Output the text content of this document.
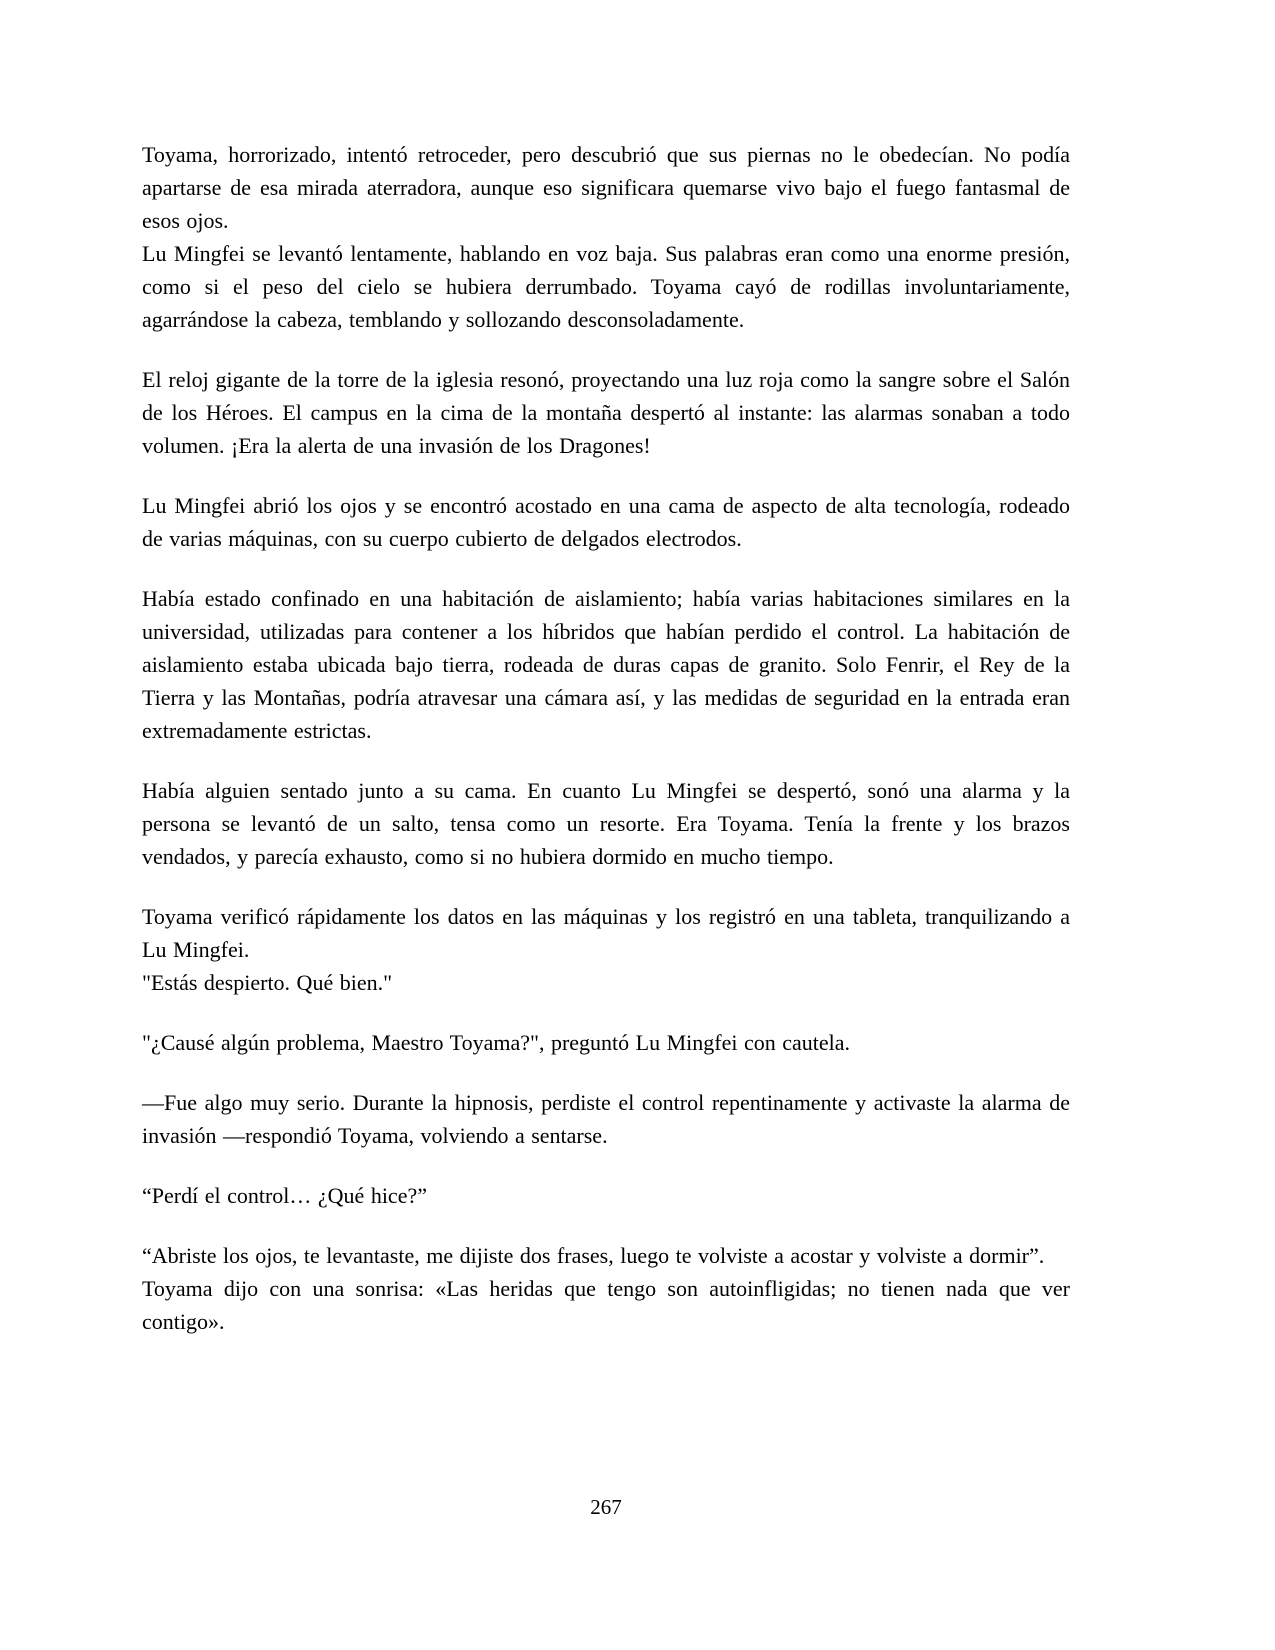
Toyama, horrorizado, intentó retroceder, pero descubrió que sus piernas no le obedecían. No podía apartarse de esa mirada aterradora, aunque eso significara quemarse vivo bajo el fuego fantasmal de esos ojos.

Lu Mingfei se levantó lentamente, hablando en voz baja. Sus palabras eran como una enorme presión, como si el peso del cielo se hubiera derrumbado. Toyama cayó de rodillas involuntariamente, agarrándose la cabeza, temblando y sollozando desconsoladamente.

El reloj gigante de la torre de la iglesia resonó, proyectando una luz roja como la sangre sobre el Salón de los Héroes. El campus en la cima de la montaña despertó al instante: las alarmas sonaban a todo volumen. ¡Era la alerta de una invasión de los Dragones!

Lu Mingfei abrió los ojos y se encontró acostado en una cama de aspecto de alta tecnología, rodeado de varias máquinas, con su cuerpo cubierto de delgados electrodos.

Había estado confinado en una habitación de aislamiento; había varias habitaciones similares en la universidad, utilizadas para contener a los híbridos que habían perdido el control. La habitación de aislamiento estaba ubicada bajo tierra, rodeada de duras capas de granito. Solo Fenrir, el Rey de la Tierra y las Montañas, podría atravesar una cámara así, y las medidas de seguridad en la entrada eran extremadamente estrictas.

Había alguien sentado junto a su cama. En cuanto Lu Mingfei se despertó, sonó una alarma y la persona se levantó de un salto, tensa como un resorte. Era Toyama. Tenía la frente y los brazos vendados, y parecía exhausto, como si no hubiera dormido en mucho tiempo.

Toyama verificó rápidamente los datos en las máquinas y los registró en una tableta, tranquilizando a Lu Mingfei.

"Estás despierto. Qué bien."

"¿Causé algún problema, Maestro Toyama?", preguntó Lu Mingfei con cautela.

—Fue algo muy serio. Durante la hipnosis, perdiste el control repentinamente y activaste la alarma de invasión —respondió Toyama, volviendo a sentarse.

“Perdí el control… ¿Qué hice?”

“Abriste los ojos, te levantaste, me dijiste dos frases, luego te volviste a acostar y volviste a dormir”.

Toyama dijo con una sonrisa: «Las heridas que tengo son autoinfligidas; no tienen nada que ver contigo».

267
